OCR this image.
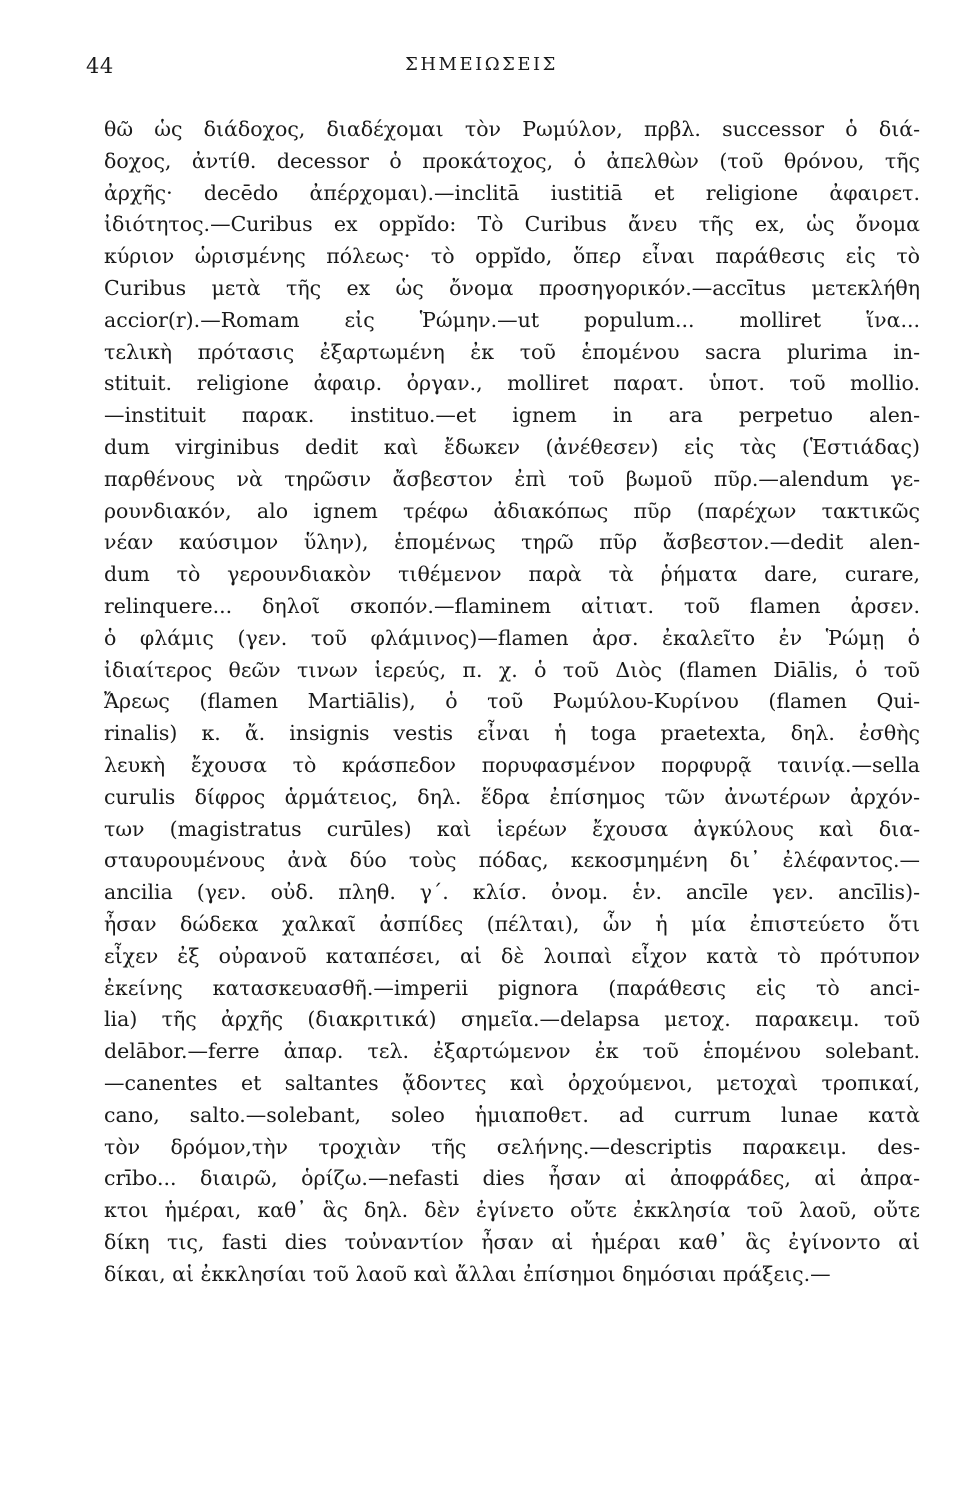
44	ΣΗΜΕΙΩΣΕΙΣ
θῶ ὡς διάδοχος, διαδέχομαι τὸν Ρωμύλον, πρβλ. successor ὁ διά-
δοχος, ἀντίθ. decessor ὁ προκάτοχος, ὁ ἀπελθὼν (τοῦ θρόνου, τῆς
ἀρχῆς· decēdo ἀπέρχομαι).—inclitā iustitiā et religione ἀφαιρετ.
ἰδιότητος.—Curibus ex oppĭdo: Τὸ Curibus ἄνευ τῆς ex, ὡς ὄνομα
κύριον ὡρισμένης πόλεως· τὸ oppĭdo, ὅπερ εἶναι παράθεσις εἰς τὸ
Curibus μετὰ τῆς ex ὡς ὄνομα προσηγορικόν.—accītus μετεκλήθη
accior(r).—Romam εἰς Ῥώμην.—ut populum... molliret ἵνα...
τελικὴ πρότασις ἐξαρτωμένη ἐκ τοῦ ἑπομένου sacra plurima in-
stituit. religione ἀφαιρ. ὀργαν., molliret παρατ. ὑποτ. τοῦ mollio.
—instituit παρακ. instituo.—et ignem in ara perpetuo alen-
dum virginibus dedit καὶ ἔδωκεν (ἀνέθεσεν) εἰς τὰς (Ἑστιάδας)
παρθένους νὰ τηρῶσιν ἄσβεστον ἐπὶ τοῦ βωμοῦ πῦρ.—alendum γε-
ρουνδιακόν, alo ignem τρέφω ἀδιακόπως πῦρ (παρέχων τακτικῶς
νέαν καύσιμον ὕλην), ἑπομένως τηρῶ πῦρ ἄσβεστον.—dedit alen-
dum τὸ γερουνδιακὸν τιθέμενον παρὰ τὰ ῥήματα dare, curare,
relinquere... δηλοῖ σκοπόν.—flaminem αἰτιατ. τοῦ flamen ἀρσεν.
ὁ φλάμις (γεν. τοῦ φλάμινος)—flamen ἀρσ. ἐκαλεῖτο ἐν Ῥώμῃ ὁ
ἰδιαίτερος θεῶν τινων ἱερεύς, π. χ. ὁ τοῦ Διὸς (flamen Diālis, ὁ τοῦ
Ἄρεως (flamen Martiālis), ὁ τοῦ Ρωμύλου-Κυρίνου (flamen Qui-
rinalis) κ. ἄ. insignis vestis εἶναι ἡ toga praetexta, δηλ. ἐσθὴς
λευκὴ ἔχουσα τὸ κράσπεδον πορυφασμένον πορφυρᾷ ταινίᾳ.—sella
curulis δίφρος ἁρμάτειος, δηλ. ἕδρα ἐπίσημος τῶν ἀνωτέρων ἀρχόν-
των (magistratus curūles) καὶ ἱερέων ἔχουσα ἀγκύλους καὶ δια-
σταυρουμένους ἀνὰ δύο τοὺς πόδας, κεκοσμημένη δι᾿ ἐλέφαντος.—
ancilia (γεν. οὐδ. πληθ. γ΄. κλίσ. ὀνομ. ἑν. ancīle γεν. ancīlis)-
ἦσαν δώδεκα χαλκαῖ ἀσπίδες (πέλται), ὧν ἡ μία ἐπιστεύετο ὅτι
εἶχεν ἐξ οὐρανοῦ καταπέσει, αἱ δὲ λοιπαὶ εἶχον κατὰ τὸ πρότυπον
ἐκείνης κατασκευασθῆ.—imperii pignora (παράθεσις εἰς τὸ anci-
lia) τῆς ἀρχῆς (διακριτικά) σημεῖα.—delapsa μετοχ. παρακειμ. τοῦ
delābor.—ferre ἀπαρ. τελ. ἐξαρτώμενον ἐκ τοῦ ἑπομένου solebant.
—canentes et saltantes ᾄδοντες καὶ ὀρχούμενοι, μετοχαὶ τροπικαί,
cano, salto.—solebant, soleo ἡμιαποθετ. ad currum lunae κατὰ
τὸν δρόμον,τὴν τροχιὰν τῆς σελήνης.—descriptis παρακειμ. des-
crībo... διαιρῶ, ὁρίζω.—nefasti dies ἦσαν αἱ ἀποφράδες, αἱ ἀπρα-
κτοι ἡμέραι, καθ᾿ ἃς δηλ. δὲν ἐγίνετο οὔτε ἐκκλησία τοῦ λαοῦ, οὔτε
δίκη τις, fasti dies τοὐναντίον ἦσαν αἱ ἡμέραι καθ᾿ ἃς ἐγίνοντο αἱ
δίκαι, αἱ ἐκκλησίαι τοῦ λαοῦ καὶ ἄλλαι ἐπίσημοι δημόσιαι πράξεις.—
